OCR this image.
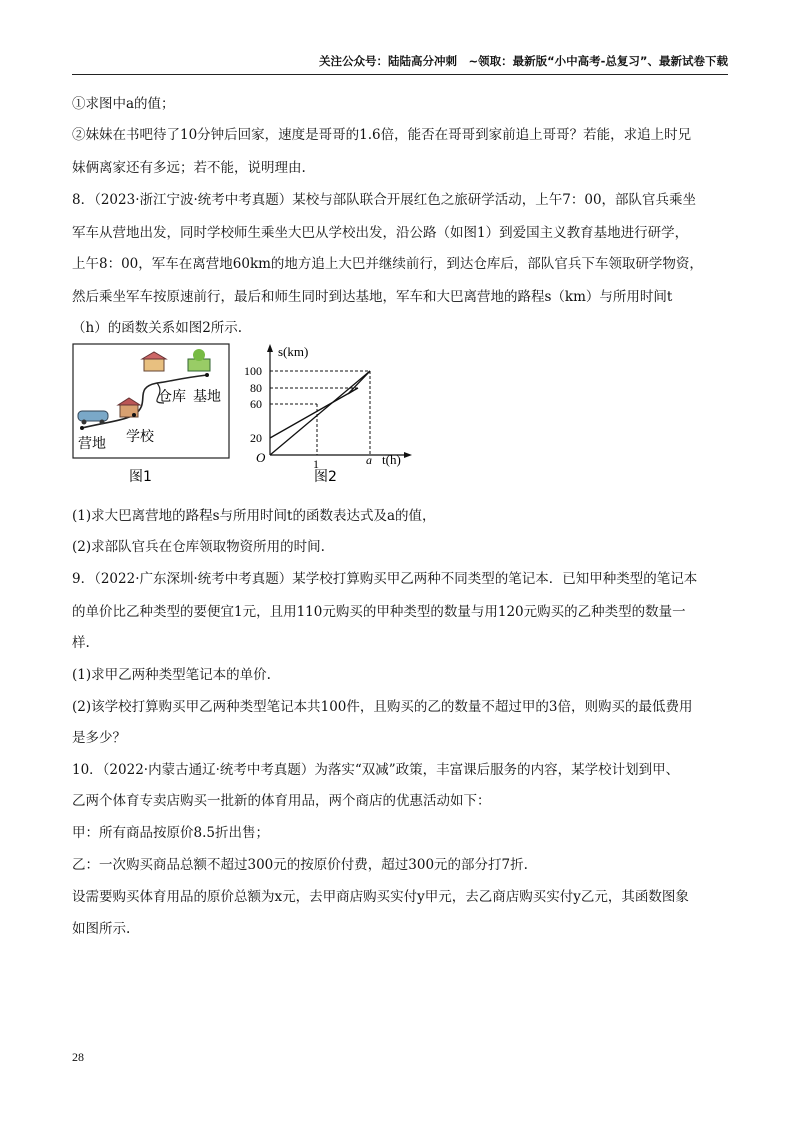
关注公众号：陆陆高分冲刺　~领取：最新版“小中高考-总复习”、最新试卷下载
①求图中a的值；
②妹妹在书吧待了10分钟后回家，速度是哥哥的1.6倍，能否在哥哥到家前追上哥哥？若能，求追上时兄
妹俩离家还有多远；若不能，说明理由.
8．（2023·浙江宁波·统考中考真题）某校与部队联合开展红色之旅研学活动，上午7：00，部队官兵乘坐
军车从营地出发，同时学校师生乘坐大巴从学校出发，沿公路（如图1）到爱国主义教育基地进行研学，
上午8：00，军车在离营地60km的地方追上大巴并继续前行，到达仓库后，部队官兵下车领取研学物资，
然后乘坐军车按原速前行，最后和师生同时到达基地，军车和大巴离营地的路程s（km）与所用时间t
（h）的函数关系如图2所示.
营地 学校
仓库 基地
图1
s(km)
t(h)
O
100
80
60
20
1	a
图2
(1)求大巴离营地的路程s与所用时间t的函数表达式及a的值，
(2)求部队官兵在仓库领取物资所用的时间.
9．（2022·广东深圳·统考中考真题）某学校打算购买甲乙两种不同类型的笔记本．已知甲种类型的笔记本
的单价比乙种类型的要便宜1元，且用110元购买的甲种类型的数量与用120元购买的乙种类型的数量一
样.
(1)求甲乙两种类型笔记本的单价.
(2)该学校打算购买甲乙两种类型笔记本共100件，且购买的乙的数量不超过甲的3倍，则购买的最低费用
是多少？
10．（2022·内蒙古通辽·统考中考真题）为落实“双减”政策，丰富课后服务的内容，某学校计划到甲、
乙两个体育专卖店购买一批新的体育用品，两个商店的优惠活动如下：
甲：所有商品按原价8.5折出售；
乙：一次购买商品总额不超过300元的按原价付费，超过300元的部分打7折.
设需要购买体育用品的原价总额为x元，去甲商店购买实付y甲元，去乙商店购买实付y乙元，其函数图象
如图所示.
28
